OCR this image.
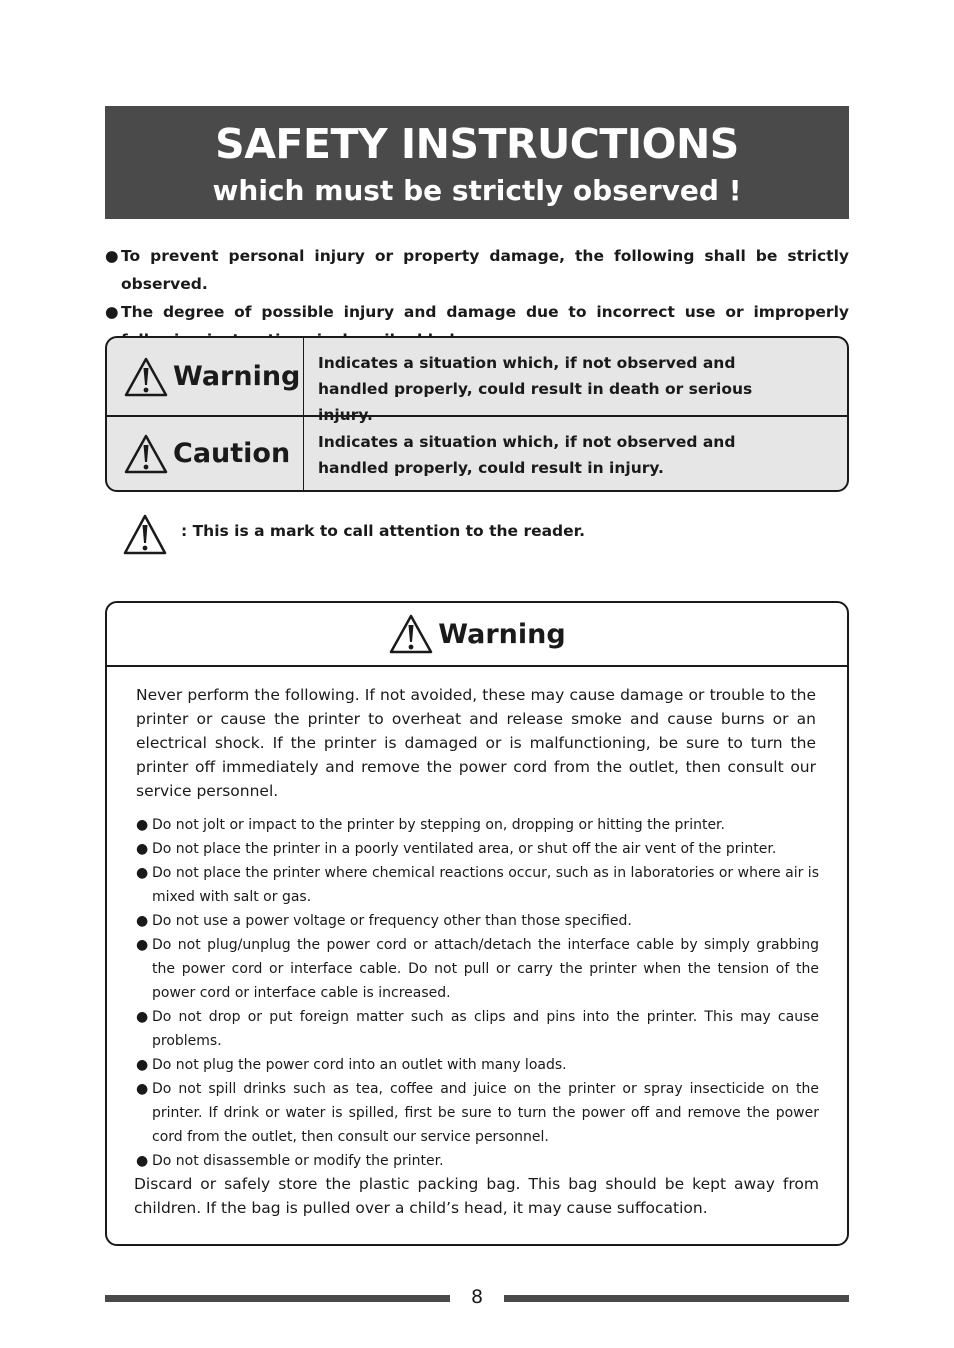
SAFETY INSTRUCTIONS
which must be strictly observed !
● To prevent personal injury or property damage, the following shall be strictly observed.
● The degree of possible injury and damage due to incorrect use or improperly
Warning Indicates a situation which, if not observed and handled properly, could result in death or serious injury.
Caution Indicates a situation which, if not observed and handled properly, could result in injury.
: This is a mark to call attention to the reader.
Warning
Never perform the following. If not avoided, these may cause damage or trouble to the printer or cause the printer to overheat and release smoke and cause burns or an electrical shock. If the printer is damaged or is malfunctioning, be sure to turn the printer off immediately and remove the power cord from the outlet, then consult our service personnel.
● Do not jolt or impact to the printer by stepping on, dropping or hitting the printer.
● Do not place the printer in a poorly ventilated area, or shut off the air vent of the printer.
● Do not place the printer where chemical reactions occur, such as in laboratories or where air is mixed with salt or gas.
● Do not use a power voltage or frequency other than those specified.
● Do not plug/unplug the power cord or attach/detach the interface cable by simply grabbing the power cord or interface cable. Do not pull or carry the printer when the tension of the power cord or interface cable is increased.
● Do not drop or put foreign matter such as clips and pins into the printer. This may cause problems.
● Do not plug the power cord into an outlet with many loads.
● Do not spill drinks such as tea, coffee and juice on the printer or spray insecticide on the printer. If drink or water is spilled, first be sure to turn the power off and remove the power cord from the outlet, then consult our service personnel.
● Do not disassemble or modify the printer.
Discard or safely store the plastic packing bag. This bag should be kept away from children. If the bag is pulled over a child’s head, it may cause suffocation.
8
